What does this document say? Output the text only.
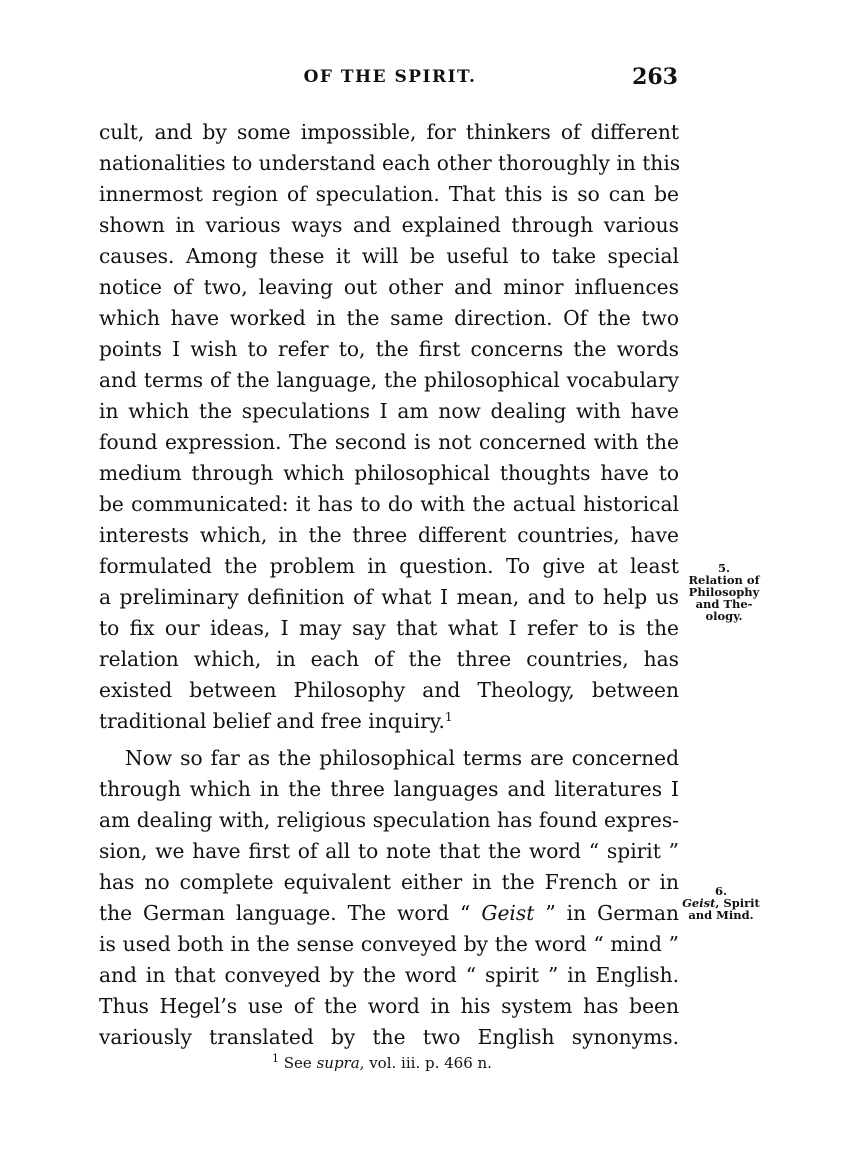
OF THE SPIRIT.	263
cult, and by some impossible, for thinkers of different
nationalities to understand each other thoroughly in this
innermost region of speculation. That this is so can be
shown in various ways and explained through various
causes. Among these it will be useful to take special
notice of two, leaving out other and minor influences
which have worked in the same direction. Of the two
points I wish to refer to, the first concerns the words
and terms of the language, the philosophical vocabulary
in which the speculations I am now dealing with have
found expression. The second is not concerned with the
medium through which philosophical thoughts have to
be communicated: it has to do with the actual historical
interests which, in the three different countries, have
formulated the problem in question. To give at least
a preliminary definition of what I mean, and to help us
to fix our ideas, I may say that what I refer to is the
relation which, in each of the three countries, has
existed between Philosophy and Theology, between
traditional belief and free inquiry.$^1$
Now so far as the philosophical terms are concerned
through which in the three languages and literatures I
am dealing with, religious speculation has found expres-
sion, we have first of all to note that the word “ spirit ”
has no complete equivalent either in the French or in
the German language. The word “ Geist ” in German
is used both in the sense conveyed by the word “ mind ”
and in that conveyed by the word “ spirit ” in English.
Thus Hegel’s use of the word in his system has been
variously translated by the two English synonyms.
5.
Relation of
Philosophy
and The-
ology.
6.
Geist, Spirit
and Mind.
$^1$ See supra, vol. iii. p. 466 n.
